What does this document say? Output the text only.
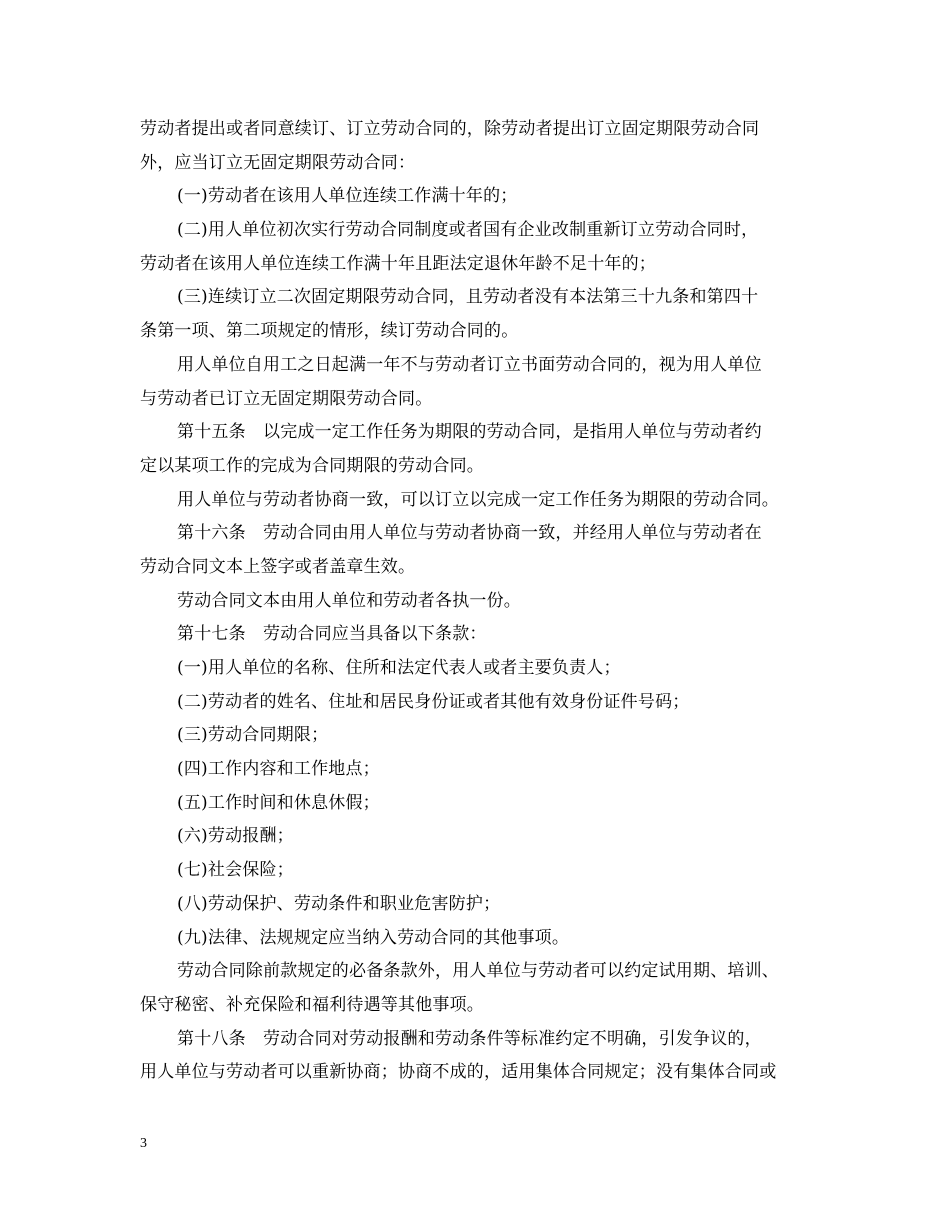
劳动者提出或者同意续订、订立劳动合同的，除劳动者提出订立固定期限劳动合同
外，应当订立无固定期限劳动合同：
(一)劳动者在该用人单位连续工作满十年的；
(二)用人单位初次实行劳动合同制度或者国有企业改制重新订立劳动合同时，
劳动者在该用人单位连续工作满十年且距法定退休年龄不足十年的；
(三)连续订立二次固定期限劳动合同，且劳动者没有本法第三十九条和第四十
条第一项、第二项规定的情形，续订劳动合同的。
用人单位自用工之日起满一年不与劳动者订立书面劳动合同的，视为用人单位
与劳动者已订立无固定期限劳动合同。
第十五条　以完成一定工作任务为期限的劳动合同，是指用人单位与劳动者约
定以某项工作的完成为合同期限的劳动合同。
用人单位与劳动者协商一致，可以订立以完成一定工作任务为期限的劳动合同。
第十六条　劳动合同由用人单位与劳动者协商一致，并经用人单位与劳动者在
劳动合同文本上签字或者盖章生效。
劳动合同文本由用人单位和劳动者各执一份。
第十七条　劳动合同应当具备以下条款：
(一)用人单位的名称、住所和法定代表人或者主要负责人；
(二)劳动者的姓名、住址和居民身份证或者其他有效身份证件号码；
(三)劳动合同期限；
(四)工作内容和工作地点；
(五)工作时间和休息休假；
(六)劳动报酬；
(七)社会保险；
(八)劳动保护、劳动条件和职业危害防护；
(九)法律、法规规定应当纳入劳动合同的其他事项。
劳动合同除前款规定的必备条款外，用人单位与劳动者可以约定试用期、培训、
保守秘密、补充保险和福利待遇等其他事项。
第十八条　劳动合同对劳动报酬和劳动条件等标准约定不明确，引发争议的，
用人单位与劳动者可以重新协商；协商不成的，适用集体合同规定；没有集体合同或
3
